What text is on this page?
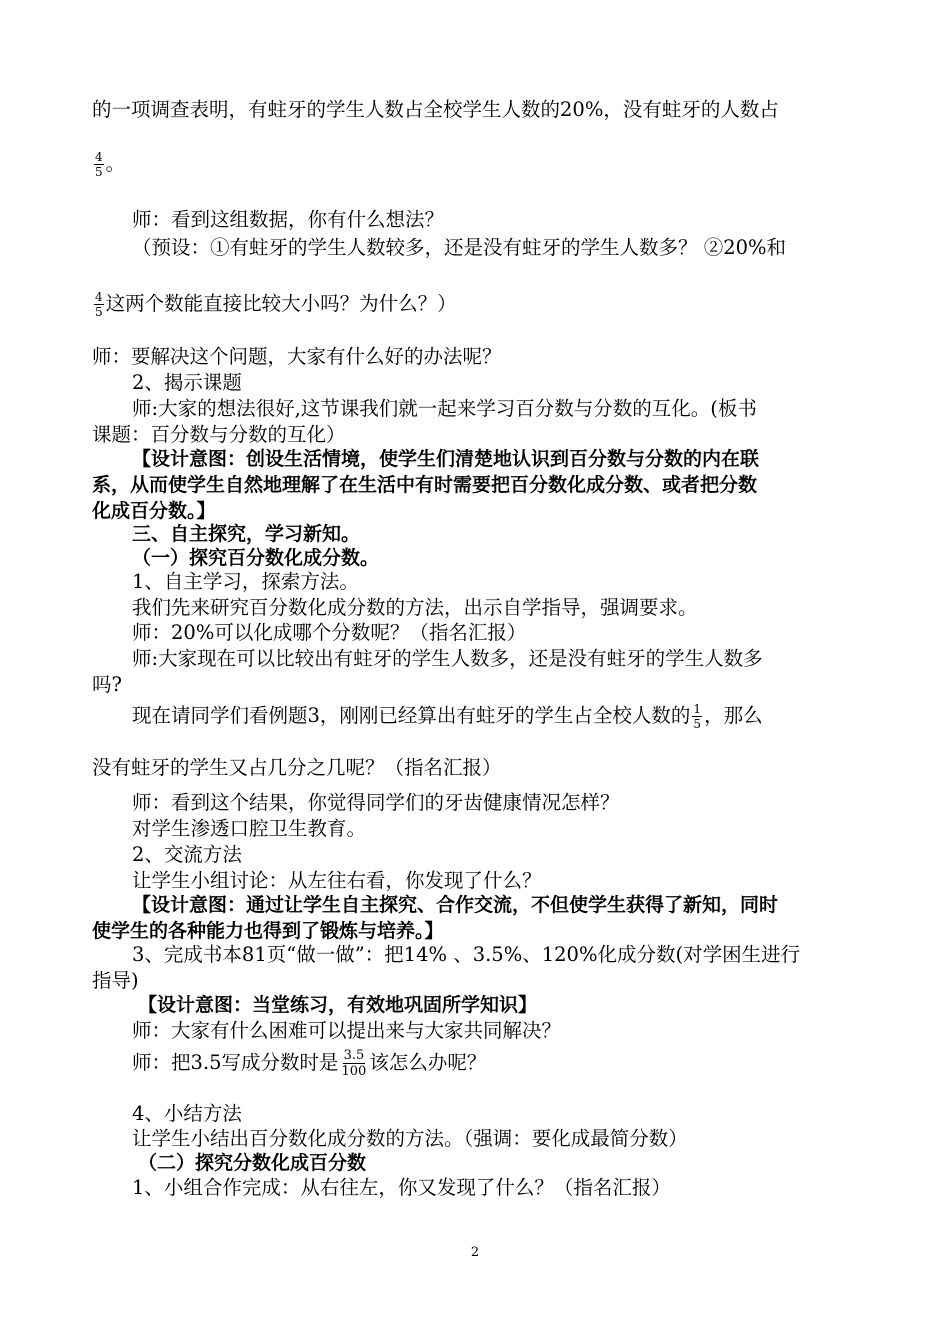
的一项调查表明，有蛀牙的学生人数占全校学生人数的20%，没有蛀牙的人数占
$\frac{4}{5}$ 。
师：看到这组数据，你有什么想法？
（预设：①有蛀牙的学生人数较多，还是没有蛀牙的学生人数多？ ②20%和
$\frac{4}{5}$ 这两个数能直接比较大小吗？为什么？）
师：要解决这个问题，大家有什么好的办法呢？
2、揭示课题
师:大家的想法很好,这节课我们就一起来学习百分数与分数的互化。(板书
课题：百分数与分数的互化）
【设计意图：创设生活情境，使学生们清楚地认识到百分数与分数的内在联
系，从而使学生自然地理解了在生活中有时需要把百分数化成分数、或者把分数
化成百分数。】
三、自主探究，学习新知。
（一）探究百分数化成分数。
1、自主学习，探索方法。
我们先来研究百分数化成分数的方法，出示自学指导，强调要求。
师：20%可以化成哪个分数呢？（指名汇报）
师:大家现在可以比较出有蛀牙的学生人数多，还是没有蛀牙的学生人数多
吗?
现在请同学们看例题3，刚刚已经算出有蛀牙的学生占全校人数的 $\frac{1}{5}$ ，那么
没有蛀牙的学生又占几分之几呢？（指名汇报）
师：看到这个结果，你觉得同学们的牙齿健康情况怎样？
对学生渗透口腔卫生教育。
2、交流方法
让学生小组讨论：从左往右看，你发现了什么？
【设计意图：通过让学生自主探究、合作交流，不但使学生获得了新知，同时
使学生的各种能力也得到了锻炼与培养。】
3、完成书本81页“做一做”：把14% 、3.5%、120%化成分数(对学困生进行
指导)
【设计意图：当堂练习，有效地巩固所学知识】
师：大家有什么困难可以提出来与大家共同解决？
师：把3.5写成分数时是 $\frac{3.5}{100}$ 该怎么办呢？
4、小结方法
让学生小结出百分数化成分数的方法。（强调：要化成最简分数）
（二）探究分数化成百分数
1、小组合作完成：从右往左，你又发现了什么？（指名汇报）
2
